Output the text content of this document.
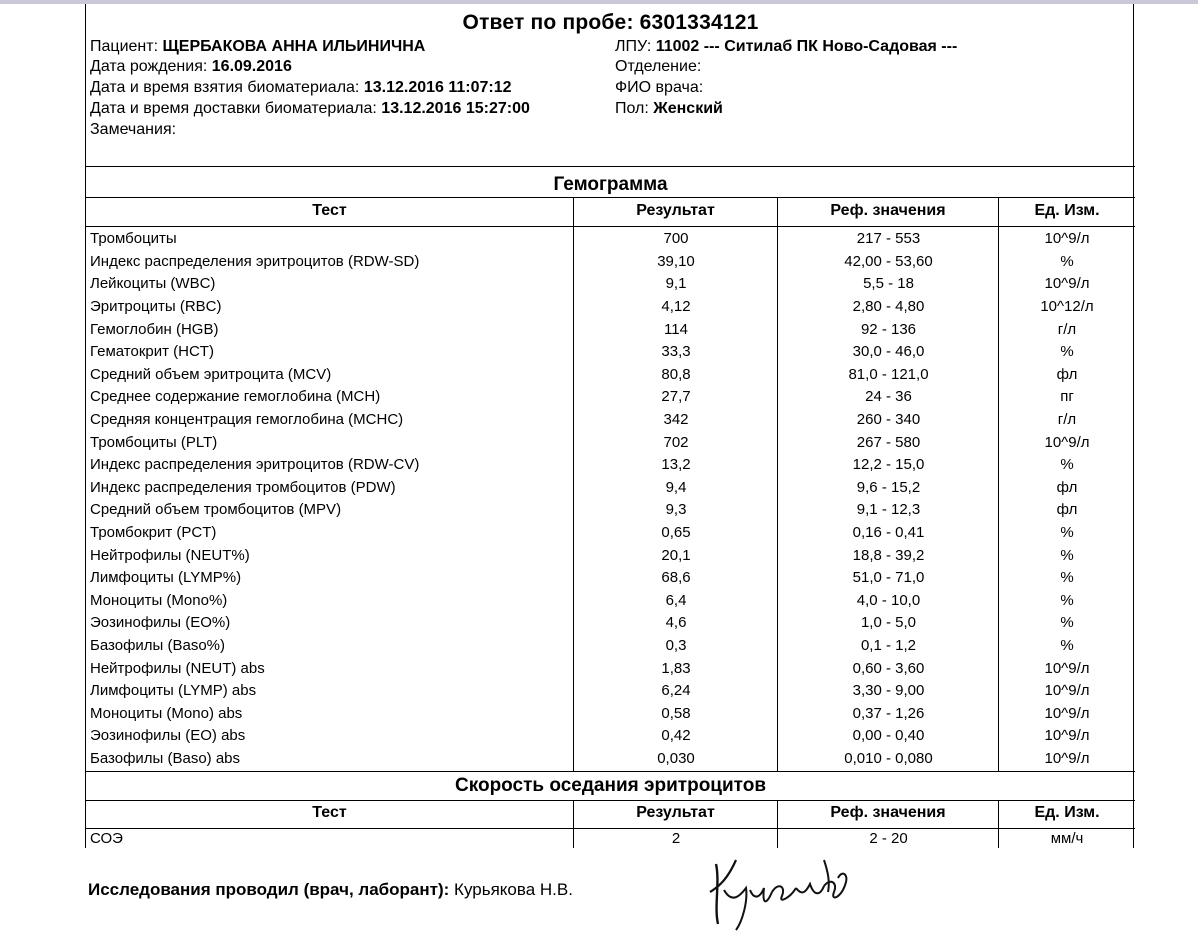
Ответ по пробе: 6301334121
Пациент: ЩЕРБАКОВА АННА ИЛЬИНИЧНА
Дата рождения: 16.09.2016
Дата и время взятия биоматериала: 13.12.2016 11:07:12
Дата и время доставки биоматериала: 13.12.2016 15:27:00
Замечания:
ЛПУ: 11002 --- Ситилаб ПК Ново-Садовая ---
Отделение:
ФИО врача:
Пол: Женский
Гемограмма
Тест	Результат	Реф. значения	Ед. Изм.
Тромбоциты	700	217 - 553	10^9/л
Индекс распределения эритроцитов (RDW-SD)	39,10	42,00 - 53,60	%
Лейкоциты (WBC)	9,1	5,5 - 18	10^9/л
Эритроциты (RBC)	4,12	2,80 - 4,80	10^12/л
Гемоглобин (HGB)	114	92 - 136	г/л
Гематокрит (HCT)	33,3	30,0 - 46,0	%
Средний объем эритроцита (MCV)	80,8	81,0 - 121,0	фл
Среднее содержание гемоглобина (MCH)	27,7	24 - 36	пг
Средняя концентрация гемоглобина (MCHC)	342	260 - 340	г/л
Тромбоциты (PLT)	702	267 - 580	10^9/л
Индекс распределения эритроцитов (RDW-CV)	13,2	12,2 - 15,0	%
Индекс распределения тромбоцитов (PDW)	9,4	9,6 - 15,2	фл
Средний объем тромбоцитов (MPV)	9,3	9,1 - 12,3	фл
Тромбокрит (PCT)	0,65	0,16 - 0,41	%
Нейтрофилы (NEUT%)	20,1	18,8 - 39,2	%
Лимфоциты (LYMP%)	68,6	51,0 - 71,0	%
Моноциты (Mono%)	6,4	4,0 - 10,0	%
Эозинофилы (EO%)	4,6	1,0 - 5,0	%
Базофилы (Baso%)	0,3	0,1 - 1,2	%
Нейтрофилы (NEUT) abs	1,83	0,60 - 3,60	10^9/л
Лимфоциты (LYMP) abs	6,24	3,30 - 9,00	10^9/л
Моноциты (Mono) abs	0,58	0,37 - 1,26	10^9/л
Эозинофилы (EO) abs	0,42	0,00 - 0,40	10^9/л
Базофилы (Baso) abs	0,030	0,010 - 0,080	10^9/л
Скорость оседания эритроцитов
Тест	Результат	Реф. значения	Ед. Изм.
СОЭ	2	2 - 20	мм/ч
Исследования проводил (врач, лаборант): Курьякова Н.В.
